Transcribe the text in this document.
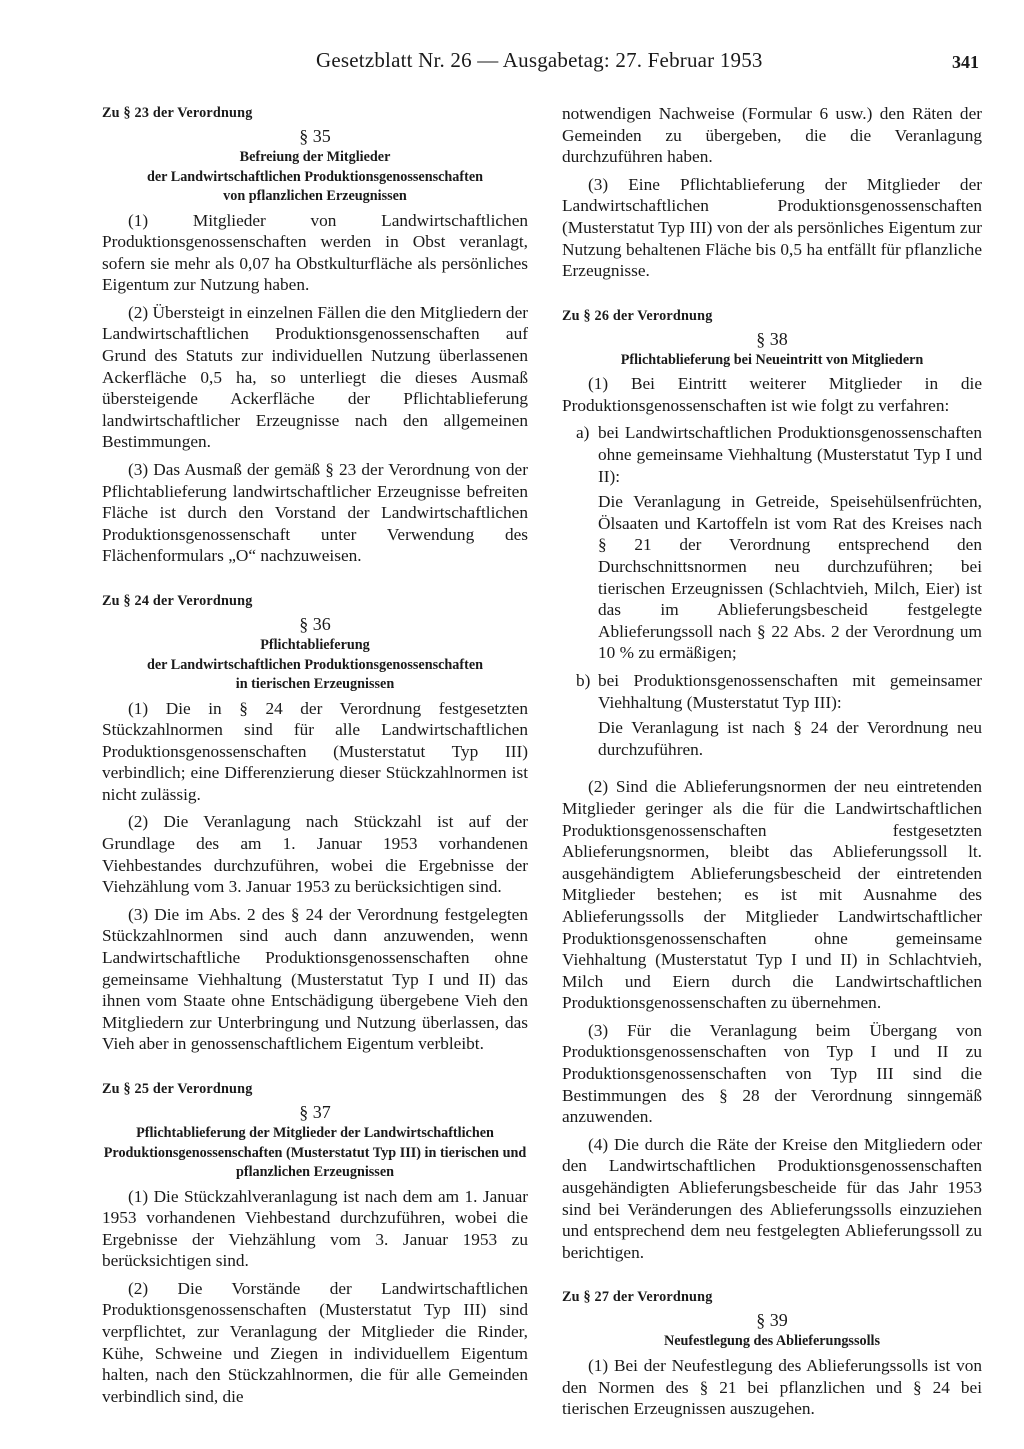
Gesetzblatt Nr. 26 — Ausgabetag: 27. Februar 1953	341

Zu § 23 der Verordnung

§ 35

Befreiung der Mitglieder
der Landwirtschaftlichen Produktionsgenossenschaften
von pflanzlichen Erzeugnissen

(1) Mitglieder von Landwirtschaftlichen Produktionsgenossenschaften werden in Obst veranlagt, sofern sie mehr als 0,07 ha Obstkulturfläche als persönliches Eigentum zur Nutzung haben.

(2) Übersteigt in einzelnen Fällen die den Mitgliedern der Landwirtschaftlichen Produktionsgenossenschaften auf Grund des Statuts zur individuellen Nutzung überlassenen Ackerfläche 0,5 ha, so unterliegt die dieses Ausmaß übersteigende Ackerfläche der Pflichtablieferung landwirtschaftlicher Erzeugnisse nach den allgemeinen Bestimmungen.

(3) Das Ausmaß der gemäß § 23 der Verordnung von der Pflichtablieferung landwirtschaftlicher Erzeugnisse befreiten Fläche ist durch den Vorstand der Landwirtschaftlichen Produktionsgenossenschaft unter Verwendung des Flächenformulars „O“ nachzuweisen.

Zu § 24 der Verordnung

§ 36

Pflichtablieferung
der Landwirtschaftlichen Produktionsgenossenschaften
in tierischen Erzeugnissen

(1) Die in § 24 der Verordnung festgesetzten Stückzahlnormen sind für alle Landwirtschaftlichen Produktionsgenossenschaften (Musterstatut Typ III) verbindlich; eine Differenzierung dieser Stückzahlnormen ist nicht zulässig.

(2) Die Veranlagung nach Stückzahl ist auf der Grundlage des am 1. Januar 1953 vorhandenen Viehbestandes durchzuführen, wobei die Ergebnisse der Viehzählung vom 3. Januar 1953 zu berücksichtigen sind.

(3) Die im Abs. 2 des § 24 der Verordnung festgelegten Stückzahlnormen sind auch dann anzuwenden, wenn Landwirtschaftliche Produktionsgenossenschaften ohne gemeinsame Viehhaltung (Musterstatut Typ I und II) das ihnen vom Staate ohne Entschädigung übergebene Vieh den Mitgliedern zur Unterbringung und Nutzung überlassen, das Vieh aber in genossenschaftlichem Eigentum verbleibt.

Zu § 25 der Verordnung

§ 37

Pflichtablieferung der Mitglieder der Landwirtschaftlichen Produktionsgenossenschaften (Musterstatut Typ III) in tierischen und pflanzlichen Erzeugnissen

(1) Die Stückzahlveranlagung ist nach dem am 1. Januar 1953 vorhandenen Viehbestand durchzuführen, wobei die Ergebnisse der Viehzählung vom 3. Januar 1953 zu berücksichtigen sind.

(2) Die Vorstände der Landwirtschaftlichen Produktionsgenossenschaften (Musterstatut Typ III) sind verpflichtet, zur Veranlagung der Mitglieder die Rinder, Kühe, Schweine und Ziegen in individuellem Eigentum halten, nach den Stückzahlnormen, die für alle Gemeinden verbindlich sind, die

notwendigen Nachweise (Formular 6 usw.) den Räten der Gemeinden zu übergeben, die die Veranlagung durchzuführen haben.

(3) Eine Pflichtablieferung der Mitglieder der Landwirtschaftlichen Produktionsgenossenschaften (Musterstatut Typ III) von der als persönliches Eigentum zur Nutzung behaltenen Fläche bis 0,5 ha entfällt für pflanzliche Erzeugnisse.

Zu § 26 der Verordnung

§ 38

Pflichtablieferung bei Neueintritt von Mitgliedern

(1) Bei Eintritt weiterer Mitglieder in die Produktionsgenossenschaften ist wie folgt zu verfahren:

a) bei Landwirtschaftlichen Produktionsgenossenschaften ohne gemeinsame Viehhaltung (Musterstatut Typ I und II):

Die Veranlagung in Getreide, Speisehülsenfrüchten, Ölsaaten und Kartoffeln ist vom Rat des Kreises nach § 21 der Verordnung entsprechend den Durchschnittsnormen neu durchzuführen; bei tierischen Erzeugnissen (Schlachtvieh, Milch, Eier) ist das im Ablieferungsbescheid festgelegte Ablieferungssoll nach § 22 Abs. 2 der Verordnung um 10 % zu ermäßigen;

b) bei Produktionsgenossenschaften mit gemeinsamer Viehhaltung (Musterstatut Typ III):

Die Veranlagung ist nach § 24 der Verordnung neu durchzuführen.

(2) Sind die Ablieferungsnormen der neu eintretenden Mitglieder geringer als die für die Landwirtschaftlichen Produktionsgenossenschaften festgesetzten Ablieferungsnormen, bleibt das Ablieferungssoll lt. ausgehändigtem Ablieferungsbescheid der eintretenden Mitglieder bestehen; es ist mit Ausnahme des Ablieferungssolls der Mitglieder Landwirtschaftlicher Produktionsgenossenschaften ohne gemeinsame Viehhaltung (Musterstatut Typ I und II) in Schlachtvieh, Milch und Eiern durch die Landwirtschaftlichen Produktionsgenossenschaften zu übernehmen.

(3) Für die Veranlagung beim Übergang von Produktionsgenossenschaften von Typ I und II zu Produktionsgenossenschaften von Typ III sind die Bestimmungen des § 28 der Verordnung sinngemäß anzuwenden.

(4) Die durch die Räte der Kreise den Mitgliedern oder den Landwirtschaftlichen Produktionsgenossenschaften ausgehändigten Ablieferungsbescheide für das Jahr 1953 sind bei Veränderungen des Ablieferungssolls einzuziehen und entsprechend dem neu festgelegten Ablieferungssoll zu berichtigen.

Zu § 27 der Verordnung

§ 39

Neufestlegung des Ablieferungssolls

(1) Bei der Neufestlegung des Ablieferungssolls ist von den Normen des § 21 bei pflanzlichen und § 24 bei tierischen Erzeugnissen auszugehen.
